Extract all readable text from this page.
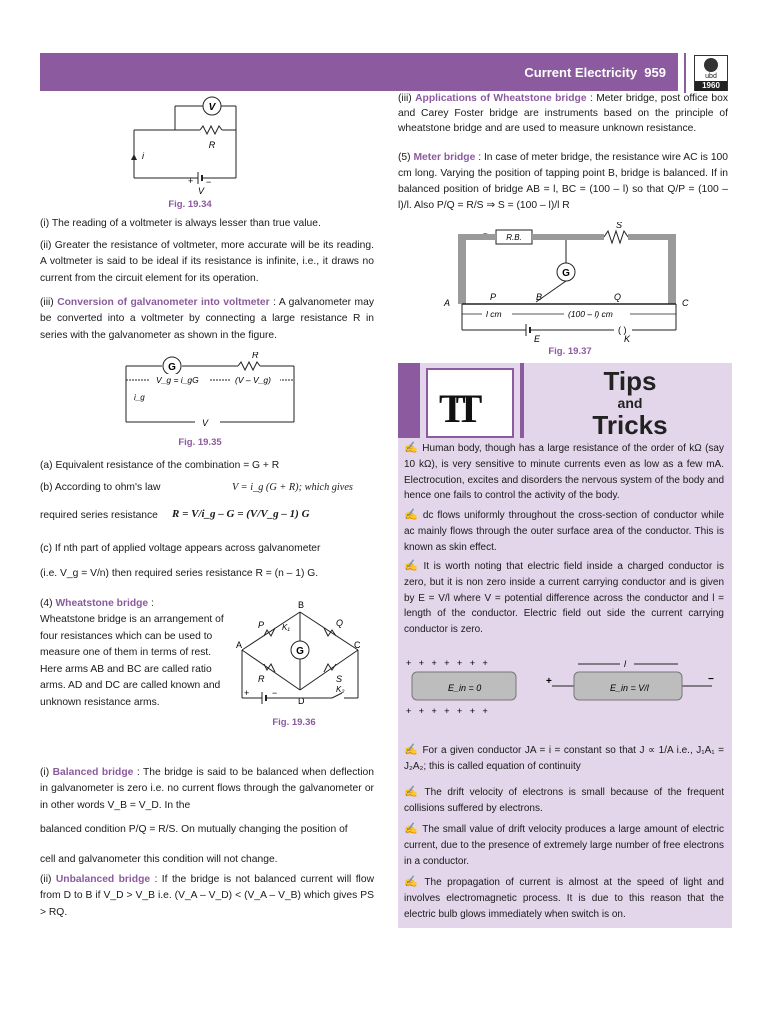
Current Electricity 959	ubd
1960
V
R
i
+ −
V
Fig. 19.34

(i) The reading of a voltmeter is always lesser than true value.

(ii) Greater the resistance of voltmeter, more accurate will be its reading. A voltmeter is said to be ideal if its resistance is infinite, i.e., it draws no current from the circuit element for its operation.

(iii) Conversion of galvanometer into voltmeter : A galvanometer may be converted into a voltmeter by connecting a large resistance R in series with the galvanometer as shown in the figure.

G
R
V_g = i_gG	(V – V_g)
V
i_g
Fig. 19.35

(a) Equivalent resistance of the combination = G + R

(b) According to ohm's law	V = i_g (G + R); which gives

required series resistance	R = V/i_g – G = (V/V_g – 1) G

(c) If nth part of applied voltage appears across galvanometer

(i.e. V_g = V/n) then required series resistance R = (n – 1) G.

(4) Wheatstone bridge :
Wheatstone bridge is an arrangement of four resistances which can be used to measure one of them in terms of rest. Here arms AB and BC are called ratio arms. AD and DC are called known and unknown resistance arms.

B
A	C
D
P	Q
R	S
G
K₁
+	−	K₂
Fig. 19.36

(i) Balanced bridge : The bridge is said to be balanced when deflection in galvanometer is zero i.e. no current flows through the galvanometer or in other words V_B = V_D. In the

balanced condition P/Q = R/S. On mutually changing the position of

cell and galvanometer this condition will not change.

(ii) Unbalanced bridge : If the bridge is not balanced current will flow from D to B if V_D > V_B i.e. (V_A – V_D) < (V_A – V_B) which gives PS > RQ.

(iii) Applications of Wheatstone bridge : Meter bridge, post office box and Carey Foster bridge are instruments based on the principle of wheatstone bridge and are used to measure unknown resistance.

(5) Meter bridge : In case of meter bridge, the resistance wire AC is 100 cm long. Varying the position of tapping point B, bridge is balanced. If in balanced position of bridge AB = l, BC = (100 – l) so that Q/P = (100 – l)/l. Also P/Q = R/S ⇒ S = (100 – l)/l R

R.B.
S
G
A	C
P	B	Q
l cm	(100 – l) cm
( )
E	K
Fig. 19.37
TT
Tips
and
Tricks

✍ Human body, though has a large resistance of the order of kΩ (say 10 kΩ), is very sensitive to minute currents even as low as a few mA. Electrocution, excites and disorders the nervous system of the body and hence one fails to control the activity of the body.

✍ dc flows uniformly throughout the cross-section of conductor while ac mainly flows through the outer surface area of the conductor. This is known as skin effect.

✍ It is worth noting that electric field inside a charged conductor is zero, but it is non zero inside a current carrying conductor and is given by E = V/l where V = potential difference across the conductor and l = length of the conductor. Electric field out side the current carrying conductor is zero.

+   +   +   +   +   +   +
E_in = 0
+   +   +   +   +   +   +
+
E_in = V/l
l
−

✍ For a given conductor JA = i = constant so that J ∝ 1/A i.e., J₁A₁ = J₂A₂; this is called equation of continuity

✍ The drift velocity of electrons is small because of the frequent collisions suffered by electrons.

✍ The small value of drift velocity produces a large amount of electric current, due to the presence of extremely large number of free electrons in a conductor.

✍ The propagation of current is almost at the speed of light and involves electromagnetic process. It is due to this reason that the electric bulb glows immediately when switch is on.
